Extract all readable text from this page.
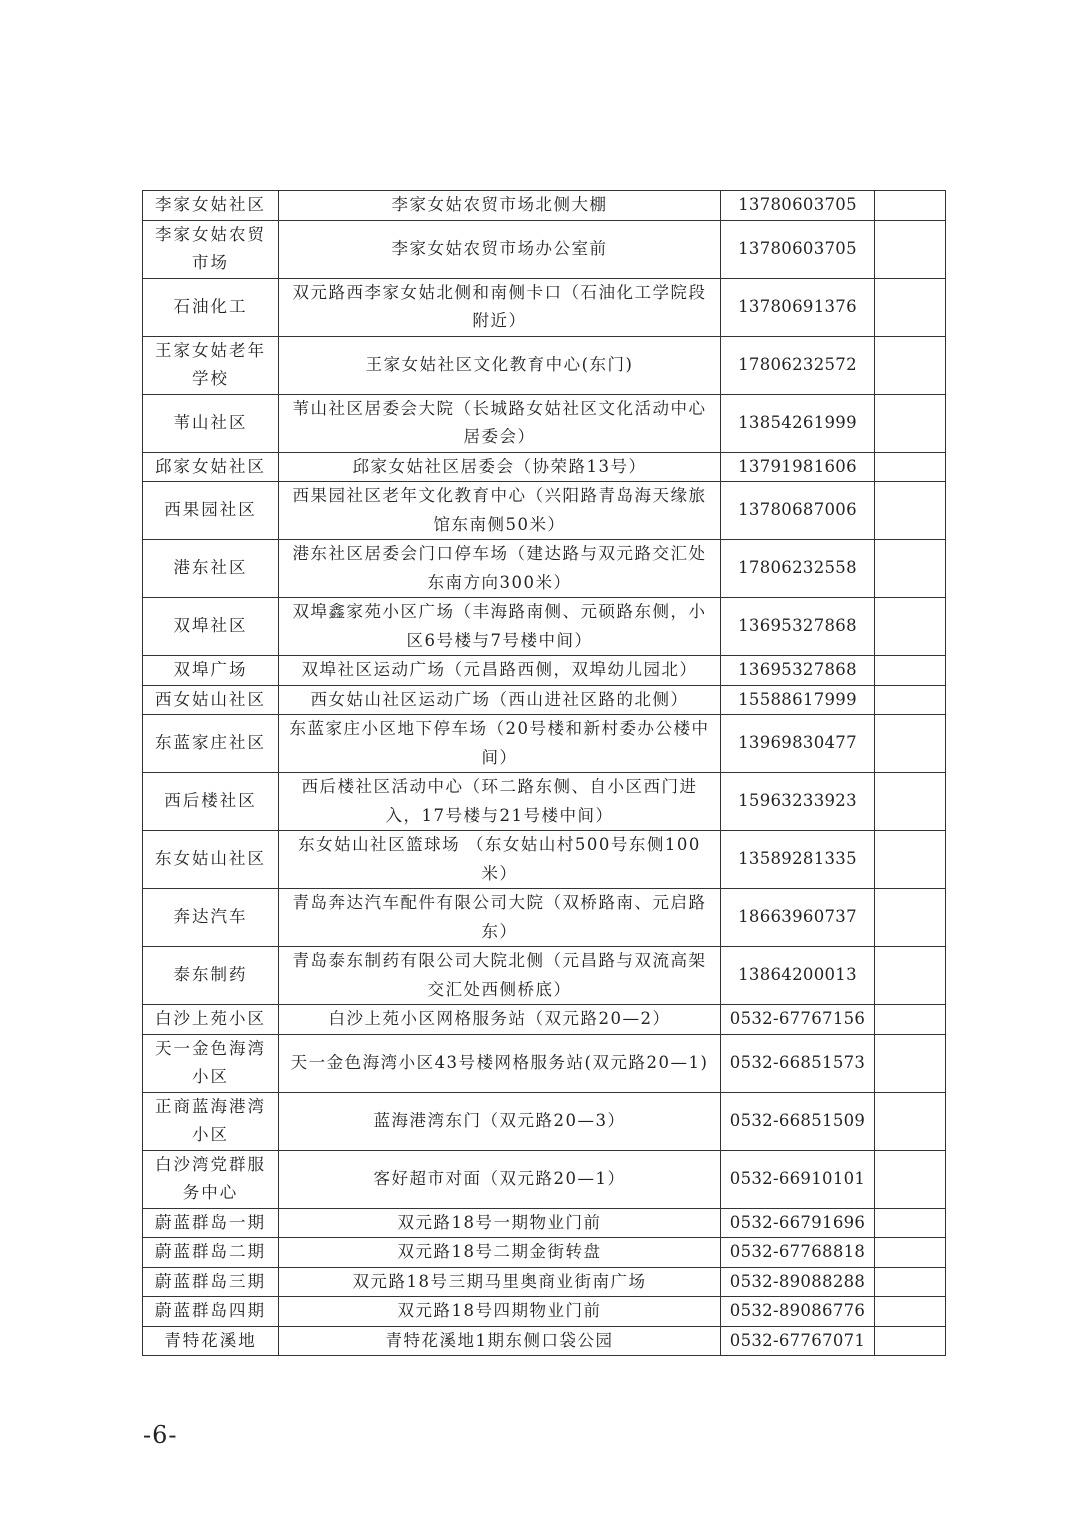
李家女姑社区	李家女姑农贸市场北侧大棚	13780603705	
李家女姑农贸市场	李家女姑农贸市场办公室前	13780603705	
石油化工	双元路西李家女姑北侧和南侧卡口（石油化工学院段附近）	13780691376	
王家女姑老年学校	王家女姑社区文化教育中心(东门)	17806232572	
苇山社区	苇山社区居委会大院（长城路女姑社区文化活动中心居委会）	13854261999	
邱家女姑社区	邱家女姑社区居委会（协荣路13号）	13791981606	
西果园社区	西果园社区老年文化教育中心（兴阳路青岛海天缘旅馆东南侧50米）	13780687006	
港东社区	港东社区居委会门口停车场（建达路与双元路交汇处东南方向300米）	17806232558	
双埠社区	双埠鑫家苑小区广场（丰海路南侧、元硕路东侧，小区6号楼与7号楼中间）	13695327868	
双埠广场	双埠社区运动广场（元昌路西侧，双埠幼儿园北）	13695327868	
西女姑山社区	西女姑山社区运动广场（西山进社区路的北侧）	15588617999	
东蓝家庄社区	东蓝家庄小区地下停车场（20号楼和新村委办公楼中间）	13969830477	
西后楼社区	西后楼社区活动中心（环二路东侧、自小区西门进入，17号楼与21号楼中间）	15963233923	
东女姑山社区	东女姑山社区篮球场 （东女姑山村500号东侧100米）	13589281335	
奔达汽车	青岛奔达汽车配件有限公司大院（双桥路南、元启路东）	18663960737	
泰东制药	青岛泰东制药有限公司大院北侧（元昌路与双流高架交汇处西侧桥底）	13864200013	
白沙上苑小区	白沙上苑小区网格服务站（双元路20—2）	0532-67767156	
天一金色海湾小区	天一金色海湾小区43号楼网格服务站(双元路20—1)	0532-66851573	
正商蓝海港湾小区	蓝海港湾东门（双元路20—3）	0532-66851509	
白沙湾党群服务中心	客好超市对面（双元路20—1）	0532-66910101	
蔚蓝群岛一期	双元路18号一期物业门前	0532-66791696	
蔚蓝群岛二期	双元路18号二期金街转盘	0532-67768818	
蔚蓝群岛三期	双元路18号三期马里奥商业街南广场	0532-89088288	
蔚蓝群岛四期	双元路18号四期物业门前	0532-89086776	
青特花溪地	青特花溪地1期东侧口袋公园	0532-67767071	
-6-
